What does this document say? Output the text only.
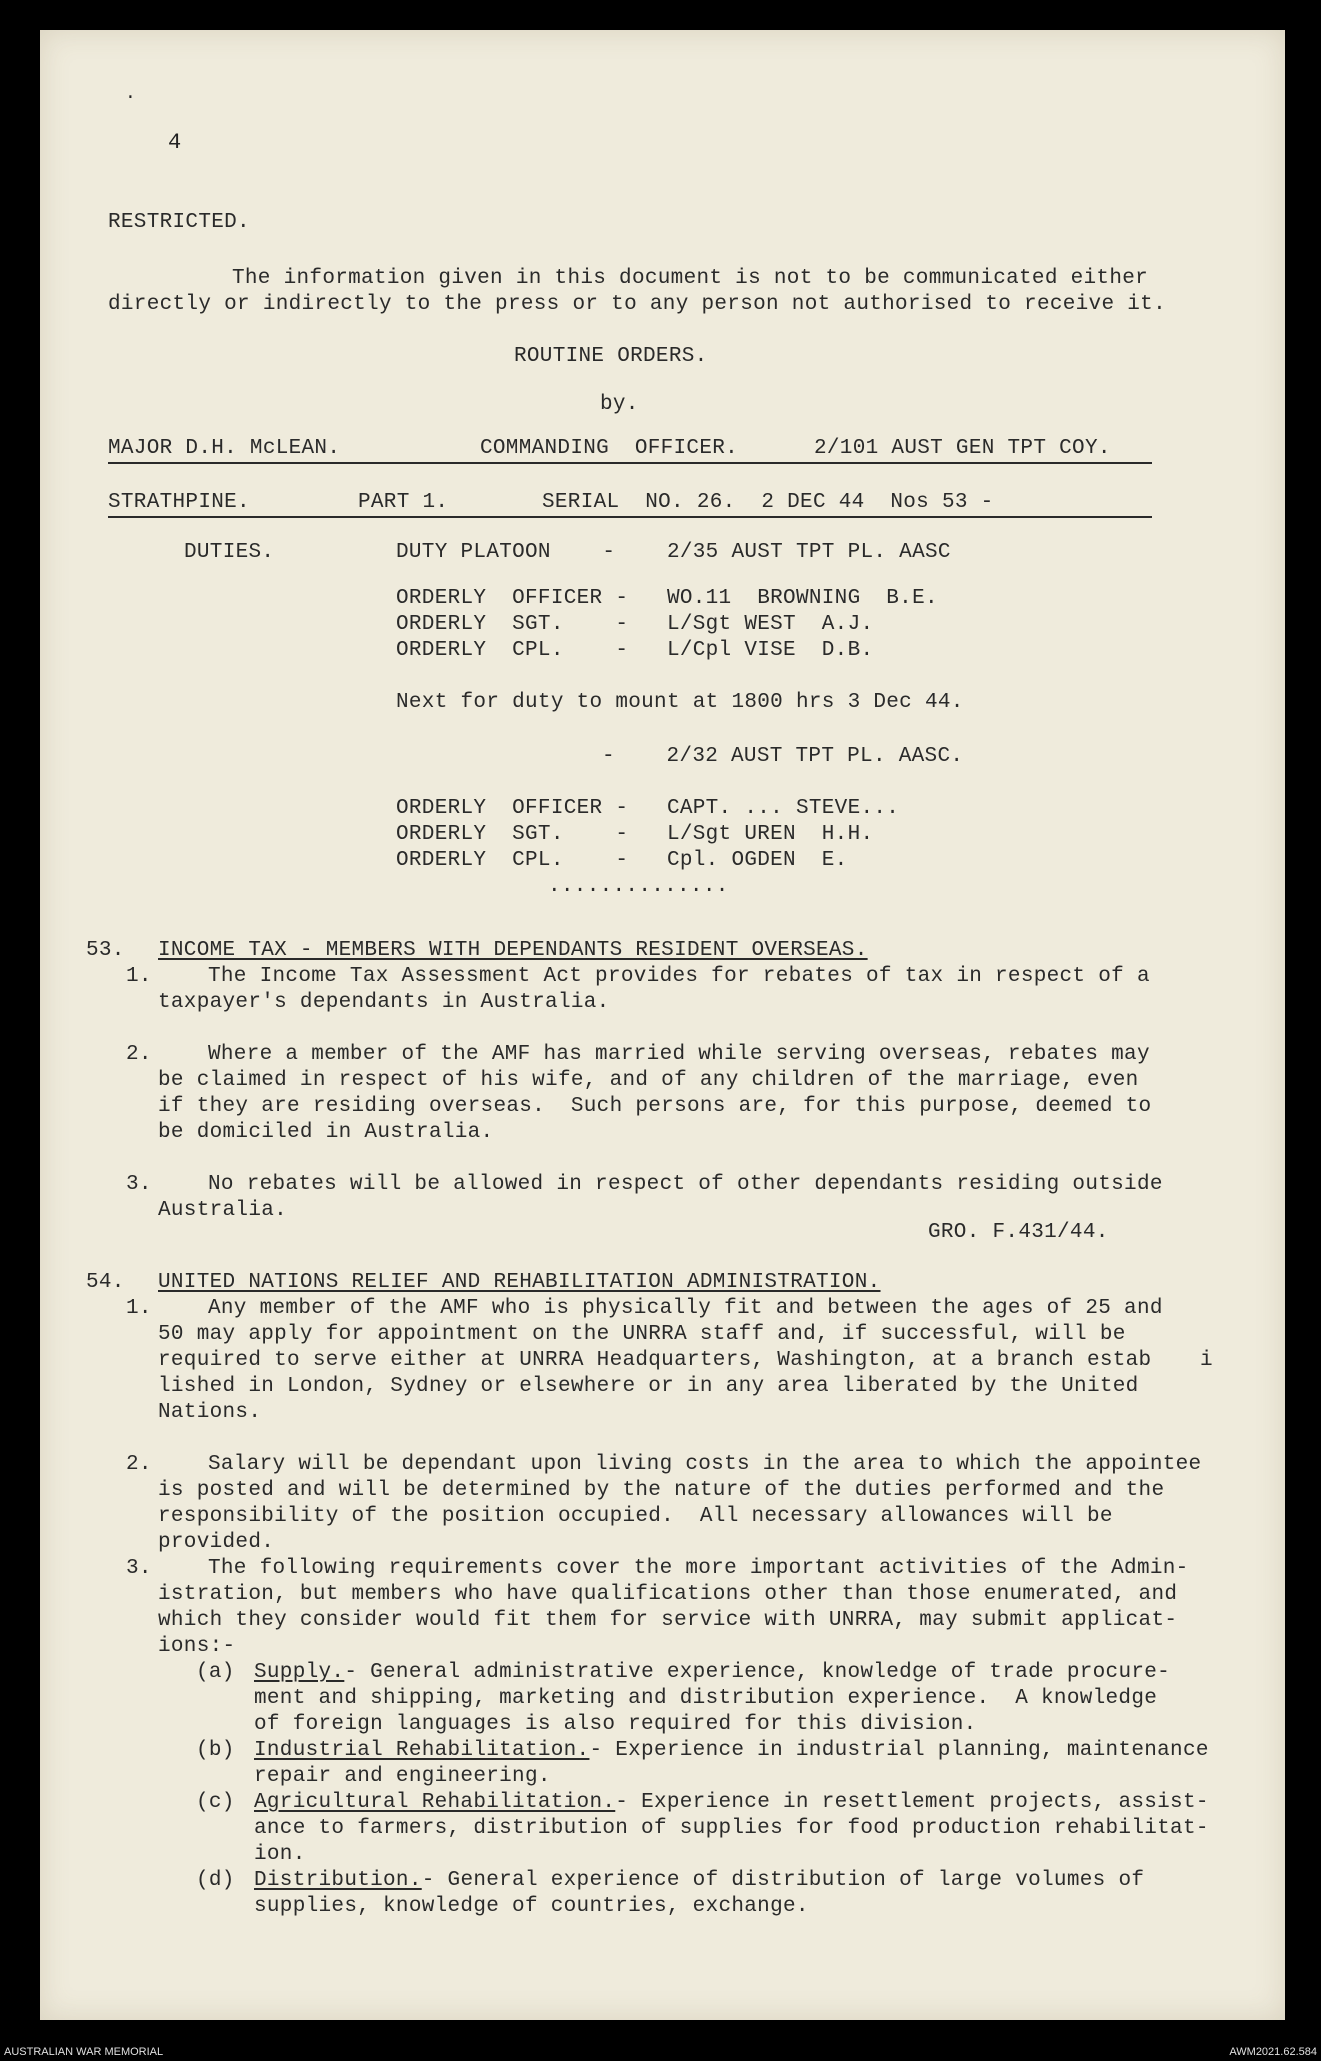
·
4
RESTRICTED.
The information given in this document is not to be communicated either
directly or indirectly to the press or to any person not authorised to receive it.
ROUTINE ORDERS.
by.
MAJOR D.H. McLEAN.	COMMANDING  OFFICER.	2/101 AUST GEN TPT COY.
STRATHPINE.	PART 1.	SERIAL  NO. 26.  2 DEC 44  Nos 53 -
DUTIES.	DUTY PLATOON    -    2/35 AUST TPT PL. AASC
ORDERLY  OFFICER -   WO.11  BROWNING  B.E.
ORDERLY  SGT.    -   L/Sgt WEST  A.J.
ORDERLY  CPL.    -   L/Cpl VISE  D.B.
Next for duty to mount at 1800 hrs 3 Dec 44.
-    2/32 AUST TPT PL. AASC.
ORDERLY  OFFICER -   CAPT. ... STEVE...
ORDERLY  SGT.    -   L/Sgt UREN  H.H.
ORDERLY  CPL.    -   Cpl. OGDEN  E.
..............
53. INCOME TAX - MEMBERS WITH DEPENDANTS RESIDENT OVERSEAS.
1.	The Income Tax Assessment Act provides for rebates of tax in respect of a
taxpayer's dependants in Australia.
2.	Where a member of the AMF has married while serving overseas, rebates may
be claimed in respect of his wife, and of any children of the marriage, even
if they are residing overseas.  Such persons are, for this purpose, deemed to
be domiciled in Australia.
3.	No rebates will be allowed in respect of other dependants residing outside
Australia.
GRO. F.431/44.
54. UNITED NATIONS RELIEF AND REHABILITATION ADMINISTRATION.
1.	Any member of the AMF who is physically fit and between the ages of 25 and
50 may apply for appointment on the UNRRA staff and, if successful, will be
required to serve either at UNRRA Headquarters, Washington, at a branch estab
lished in London, Sydney or elsewhere or in any area liberated by the United
Nations.
i
2.	Salary will be dependant upon living costs in the area to which the appointee
is posted and will be determined by the nature of the duties performed and the
responsibility of the position occupied.  All necessary allowances will be
provided.
3.	The following requirements cover the more important activities of the Admin-
istration, but members who have qualifications other than those enumerated, and
which they consider would fit them for service with UNRRA, may submit applicat-
ions:-
(a) Supply.- General administrative experience, knowledge of trade procure-
ment and shipping, marketing and distribution experience.  A knowledge
of foreign languages is also required for this division.
(b) Industrial Rehabilitation.- Experience in industrial planning, maintenance
repair and engineering.
(c) Agricultural Rehabilitation.- Experience in resettlement projects, assist-
ance to farmers, distribution of supplies for food production rehabilitat-
ion.
(d) Distribution.- General experience of distribution of large volumes of
supplies, knowledge of countries, exchange.
AUSTRALIAN WAR MEMORIAL	AWM2021.62.584
